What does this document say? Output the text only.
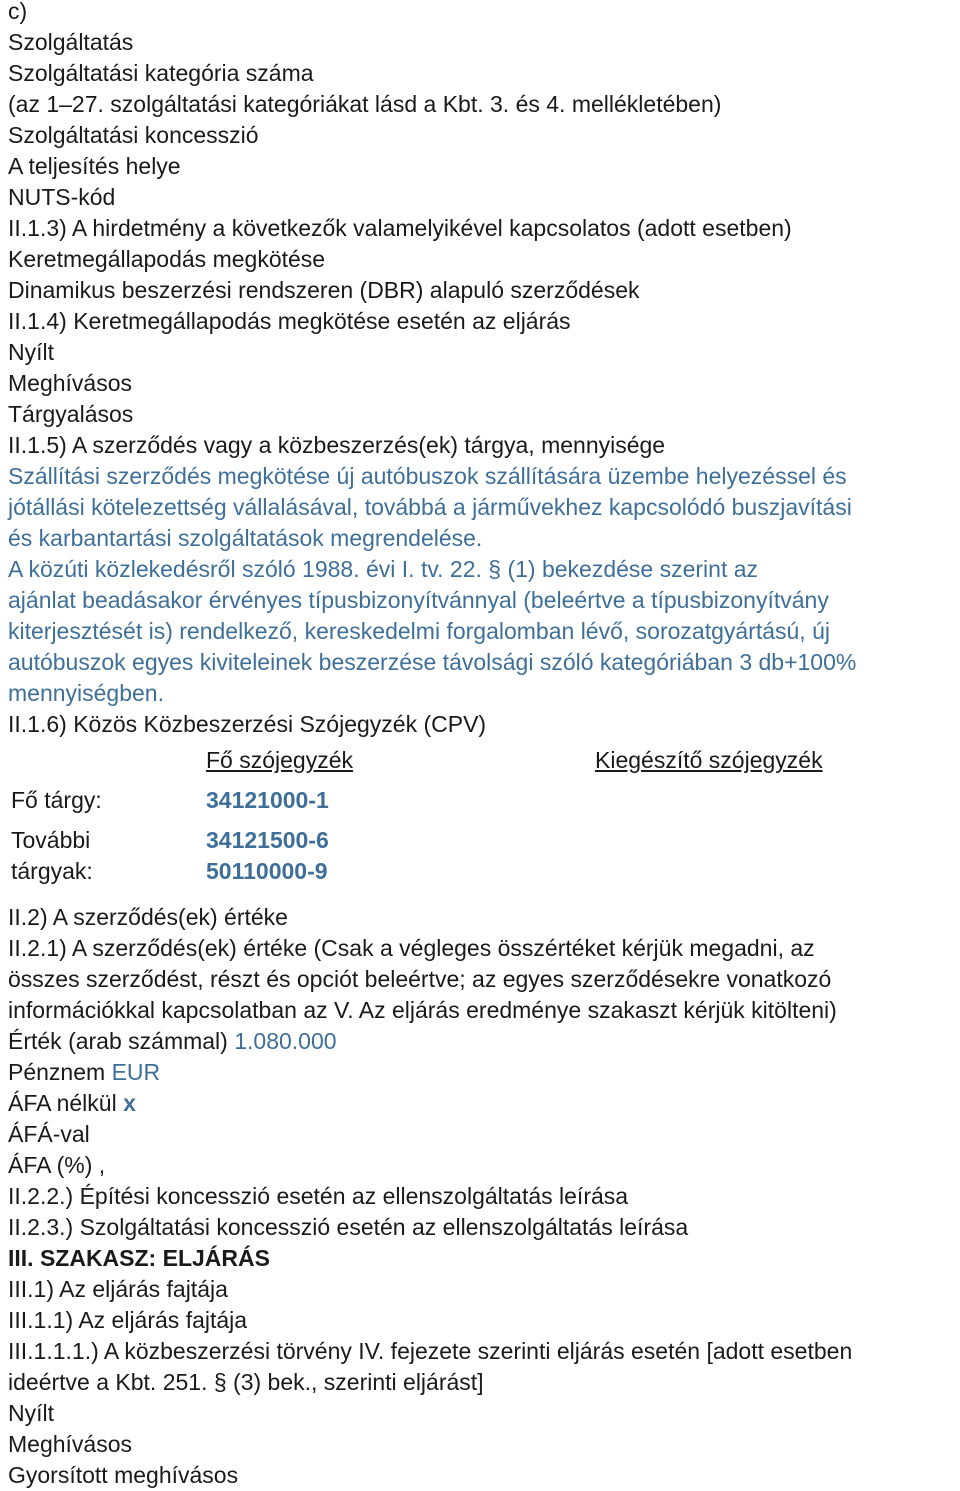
c)
Szolgáltatás
Szolgáltatási kategória száma
(az 1–27. szolgáltatási kategóriákat lásd a Kbt. 3. és 4. mellékletében)
Szolgáltatási koncesszió
A teljesítés helye
NUTS-kód
II.1.3) A hirdetmény a következők valamelyikével kapcsolatos (adott esetben)
Keretmegállapodás megkötése
Dinamikus beszerzési rendszeren (DBR) alapuló szerződések
II.1.4) Keretmegállapodás megkötése esetén az eljárás
Nyílt
Meghívásos
Tárgyalásos
II.1.5) A szerződés vagy a közbeszerzés(ek) tárgya, mennyisége
Szállítási szerződés megkötése új autóbuszok szállítására üzembe helyezéssel és
jótállási kötelezettség vállalásával, továbbá a járművekhez kapcsolódó buszjavítási
és karbantartási szolgáltatások megrendelése.
A közúti közlekedésről szóló 1988. évi I. tv. 22. § (1) bekezdése szerint az
ajánlat beadásakor érvényes típusbizonyítvánnyal (beleértve a típusbizonyítvány
kiterjesztését is) rendelkező, kereskedelmi forgalomban lévő, sorozatgyártású, új
autóbuszok egyes kiviteleinek beszerzése távolsági szóló kategóriában 3 db+100%
mennyiségben.
II.1.6) Közös Közbeszerzési Szójegyzék (CPV)
Fő szójegyzék	Kiegészítő szójegyzék
Fő tárgy:	34121000-1
További
tárgyak:
34121500-6
50110000-9
II.2) A szerződés(ek) értéke
II.2.1) A szerződés(ek) értéke (Csak a végleges összértéket kérjük megadni, az
összes szerződést, részt és opciót beleértve; az egyes szerződésekre vonatkozó
információkkal kapcsolatban az V. Az eljárás eredménye szakaszt kérjük kitölteni)
Érték (arab számmal) 1.080.000
Pénznem EUR
ÁFA nélkül x
ÁFÁ-val
ÁFA (%) ,
II.2.2.) Építési koncesszió esetén az ellenszolgáltatás leírása
II.2.3.) Szolgáltatási koncesszió esetén az ellenszolgáltatás leírása
III. SZAKASZ: ELJÁRÁS
III.1) Az eljárás fajtája
III.1.1) Az eljárás fajtája
III.1.1.1.) A közbeszerzési törvény IV. fejezete szerinti eljárás esetén [adott esetben
ideértve a Kbt. 251. § (3) bek., szerinti eljárást]
Nyílt
Meghívásos
Gyorsított meghívásos
